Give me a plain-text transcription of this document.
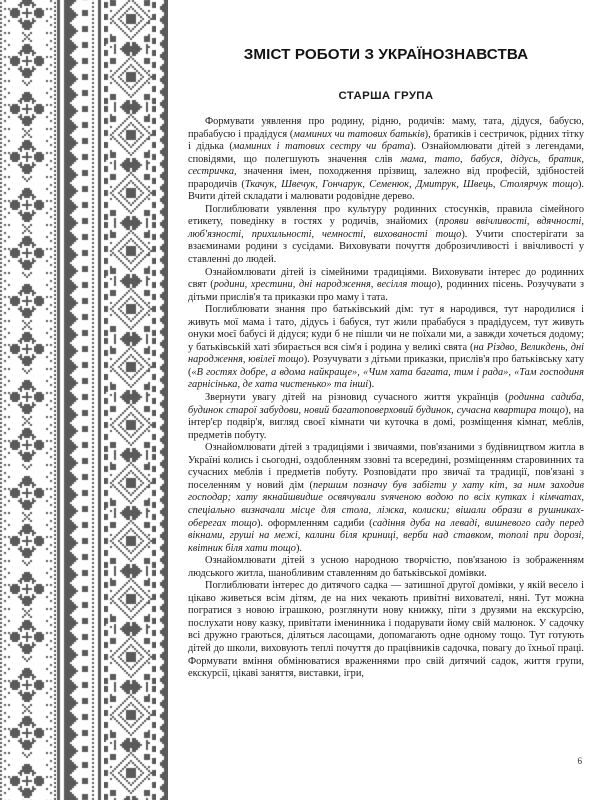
ЗМІСТ РОБОТИ З УКРАЇНОЗНАВСТВА
СТАРША ГРУПА

Формувати уявлення про родину, рідню, родичів: маму, тата, дідуся, бабусю, прабабусю і прадідуся (маминих чи татових батьків), братиків і сестричок, рідних тітку і дідька (маминих і татових сестру чи брата). Ознайомлювати дітей з легендами, сповідями, що полегшують значення слів мама, тато, бабуся, дідусь, братик, сестричка, значення імен, походження прізвищ, залежно від професій, здібностей прародичів (Ткачук, Швечук, Гончарук, Семенюк, Дмитрук, Швець, Столярчук тощо). Вчити дітей складати і малювати родовідне дерево.

Поглиблювати уявлення про культуру родинних стосунків, правила сімейного етикету, поведінку в гостях у родичів, знайомих (прояви ввічливості, вдячності, люб'язності, прихильності, чемності, вихованості тощо). Учити спостерігати за взаєминами родини з сусідами. Виховувати почуття доброзичливості і ввічливості у ставленні до людей.

Ознайомлювати дітей із сімейними традиціями. Виховувати інтерес до родинних свят (родини, хрестини, дні народження, весілля тощо), родинних пісень. Розучувати з дітьми прислів'я та приказки про маму і тата.

Поглиблювати знання про батьківський дім: тут я народився, тут народилися і живуть мої мама і тато, дідусь і бабуся, тут жили прабабуся з прадідусем, тут живуть онуки моєї бабусі й дідуся; куди б не пішли чи не поїхали ми, а завжди хочеться додому; у батьківській хаті збирається вся сім'я і родина у великі свята (на Різдво, Великдень, дні народження, ювілеї тощо). Розучувати з дітьми приказки, прислів'я про батьківську хату («В гостях добре, а вдома найкраще», «Чим хата багата, тим і рада», «Там господиня гарнісінька, де хата чистенько» та інші).

Звернути увагу дітей на різновид сучасного життя українців (родинна садиба, будинок старої забудови, новий багатоповерховий будинок, сучасна квартира тощо), на інтер'єр подвір'я, вигляд своєї кімнати чи куточка в домі, розміщення кімнат, меблів, предметів побуту.

Ознайомлювати дітей з традиціями і звичаями, пов'язаними з будівництвом житла в Україні колись і сьогодні, оздобленням ззовні та всередині, розміщенням старовинних та сучасних меблів і предметів побуту. Розповідати про звичаї та традиції, пов'язані з поселенням у новий дім (першим позначу був забігти у хату кіт, за ним заходив господар; хату якнайшвидше освячували svяченою водою по всіх кутках і кімчатах, спеціально визначали місце для стола, ліжка, колиски; вішали образи в рушниках-оберегах тощо). оформленням садиби (садіння дуба на леваді, вишневого саду перед вікнами, груші на межі, калини біля криниці, верби над ставком, тополі при дорозі, квітник біля хати тощо).

Ознайомлювати дітей з усною народною творчістю, пов'язаною із зображенням людського житла, шанобливим ставленням до батьківської домівки.

Поглиблювати інтерес до дитячого садка — затишної другої домівки, у якій весело і цікаво живеться всім дітям, де на них чекають привітні вихователі, няні. Тут можна погратися з новою іграшкою, розглянути нову книжку, піти з друзями на екскурсію, послухати нову казку, привітати іменинника і подарувати йому свій малюнок. У садочку всі дружно граються, діляться ласощами, допомагають одне одному тощо. Тут готують дітей до школи, виховують теплі почуття до працівників садочка, повагу до їхньої праці. Формувати вміння обмінюватися враженнями про свій дитячий садок, життя групи, екскурсії, цікаві заняття, виставки, ігри,

6
